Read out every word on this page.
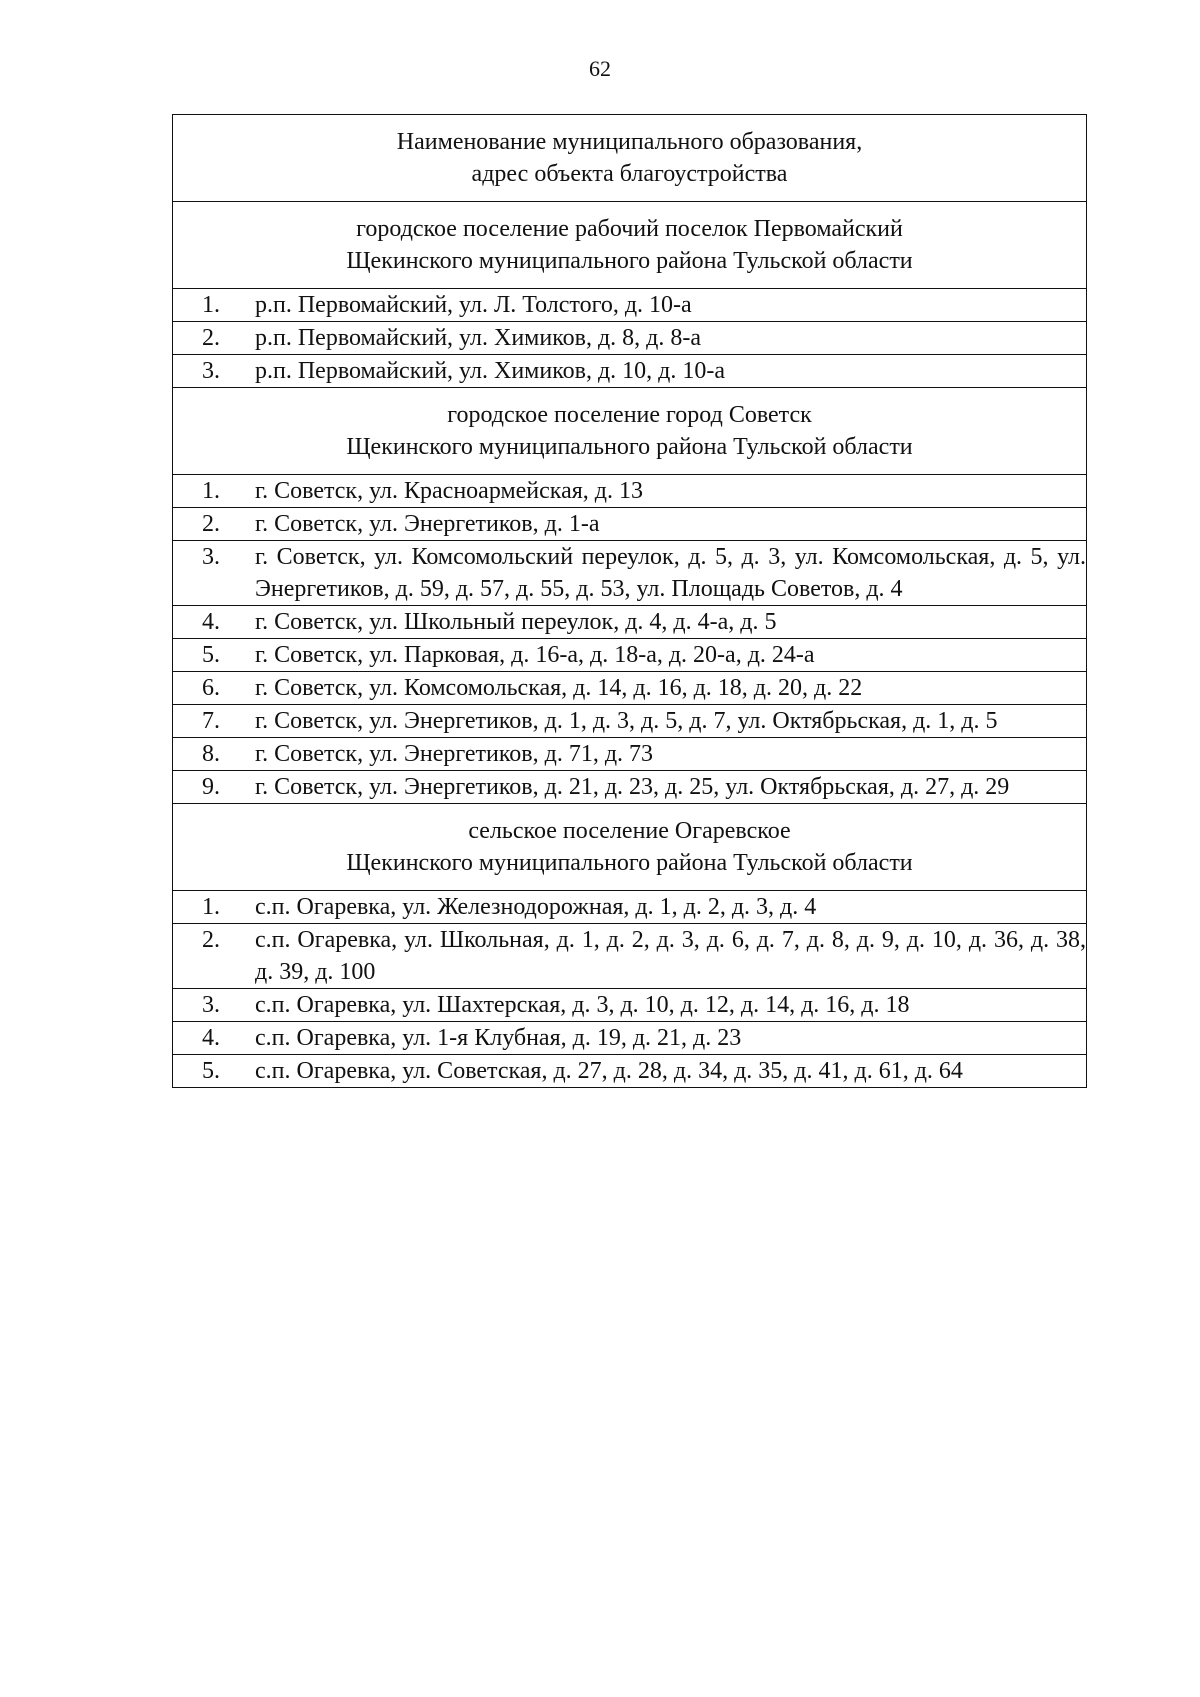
62
Наименование муниципального образования,
адрес объекта благоустройства

городское поселение рабочий поселок Первомайский
Щекинского муниципального района Тульской области

1.	р.п. Первомайский, ул. Л. Толстого, д. 10-а

2.	р.п. Первомайский, ул. Химиков, д. 8, д. 8-а

3.	р.п. Первомайский, ул. Химиков, д. 10, д. 10-а

городское поселение город Советск
Щекинского муниципального района Тульской области

1.	г. Советск, ул. Красноармейская, д. 13

2.	г. Советск, ул. Энергетиков, д. 1-а

3.	г. Советск, ул. Комсомольский переулок, д. 5, д. 3, ул. Комсомольская, д. 5, ул. Энергетиков, д. 59, д. 57, д. 55, д. 53, ул. Площадь Советов, д. 4

4.	г. Советск, ул. Школьный переулок, д. 4, д. 4-а, д. 5

5.	г. Советск, ул. Парковая, д. 16-а, д. 18-а, д. 20-а, д. 24-а

6.	г. Советск, ул. Комсомольская, д. 14, д. 16, д. 18, д. 20, д. 22

7.	г. Советск, ул. Энергетиков, д. 1, д. 3, д. 5, д. 7, ул. Октябрьская, д. 1, д. 5

8.	г. Советск, ул. Энергетиков, д. 71, д. 73

9.	г. Советск, ул. Энергетиков, д. 21, д. 23, д. 25, ул. Октябрьская, д. 27, д. 29

сельское поселение Огаревское
Щекинского муниципального района Тульской области

1.	с.п. Огаревка, ул. Железнодорожная, д. 1, д. 2, д. 3, д. 4

2.	с.п. Огаревка, ул. Школьная, д. 1, д. 2, д. 3, д. 6, д. 7, д. 8, д. 9, д. 10, д. 36, д. 38, д. 39, д. 100

3.	с.п. Огаревка, ул. Шахтерская, д. 3, д. 10, д. 12, д. 14, д. 16, д. 18

4.	с.п. Огаревка, ул. 1-я Клубная, д. 19, д. 21, д. 23

5.	с.п. Огаревка, ул. Советская, д. 27, д. 28, д. 34, д. 35, д. 41, д. 61, д. 64
